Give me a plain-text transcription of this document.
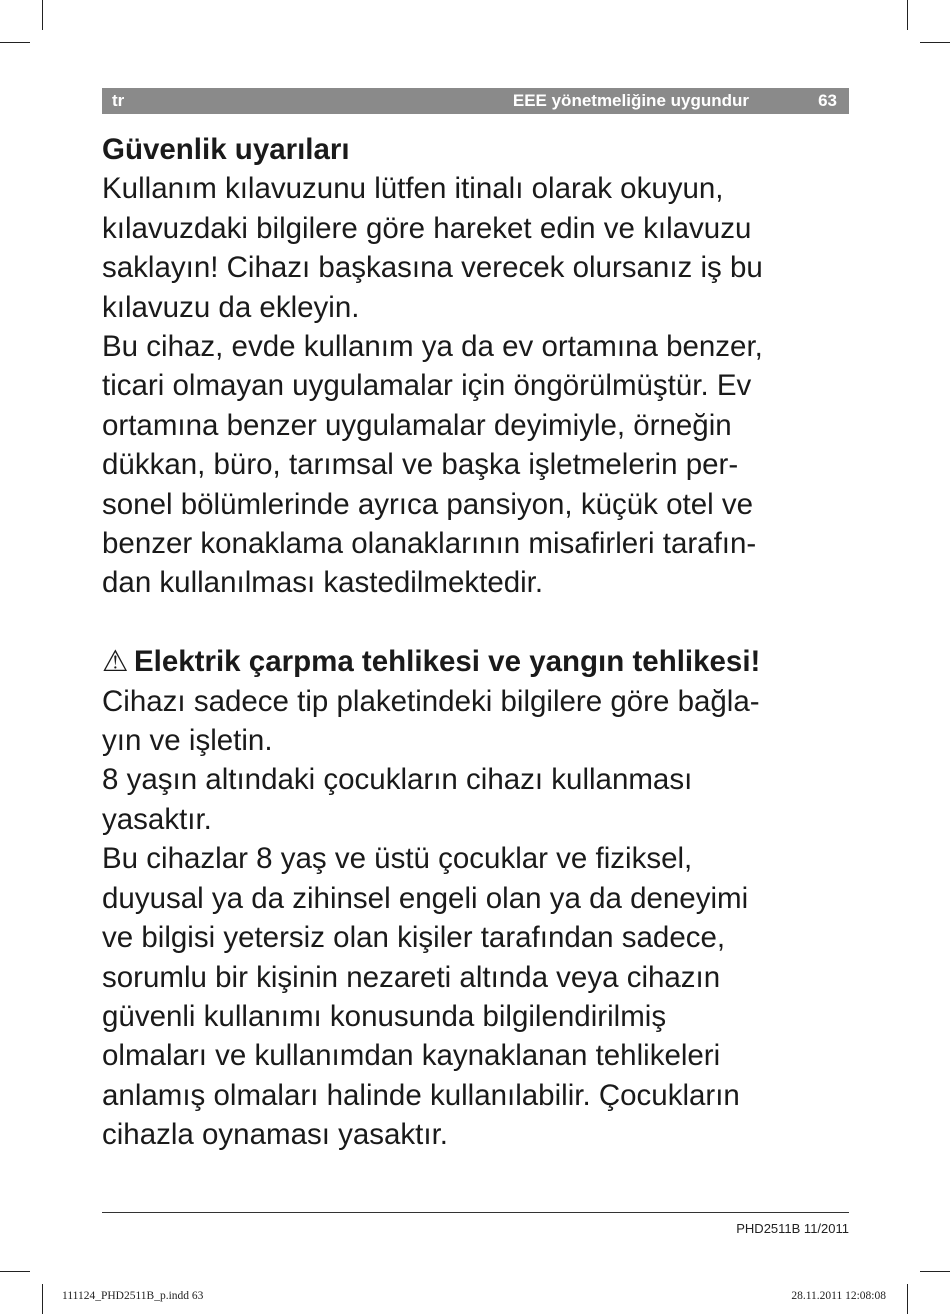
tr	EEE yönetmeliğine uygundur	63
Güvenlik uyarıları

Kullanım kılavuzunu lütfen itinalı olarak okuyun,

kılavuzdaki bilgilere göre hareket edin ve kılavuzu

saklayın! Cihazı başkasına verecek olursanız iş bu

kılavuzu da ekleyin.

Bu cihaz, evde kullanım ya da ev ortamına benzer,

ticari olmayan uygulamalar için öngörülmüştür. Ev

ortamına benzer uygulamalar deyimiyle, örneğin

dükkan, büro, tarımsal ve başka işletmelerin per-

sonel bölümlerinde ayrıca pansiyon, küçük otel ve

benzer konaklama olanaklarının misafirleri tarafın-

dan kullanılması kastedilmektedir.

⚠ Elektrik çarpma tehlikesi ve yangın tehlikesi!

Cihazı sadece tip plaketindeki bilgilere göre bağla-

yın ve işletin.

8 yaşın altındaki çocukların cihazı kullanması

yasaktır.

Bu cihazlar 8 yaş ve üstü çocuklar ve fiziksel,

duyusal ya da zihinsel engeli olan ya da deneyimi

ve bilgisi yetersiz olan kişiler tarafından sadece,

sorumlu bir kişinin nezareti altında veya cihazın

güvenli kullanımı konusunda bilgilendirilmiş

olmaları ve kullanımdan kaynaklanan tehlikeleri

anlamış olmaları halinde kullanılabilir. Çocukların

cihazla oynaması yasaktır.

PHD2511B 11/2011
111124_PHD2511B_p.indd 63	28.11.2011 12:08:08
